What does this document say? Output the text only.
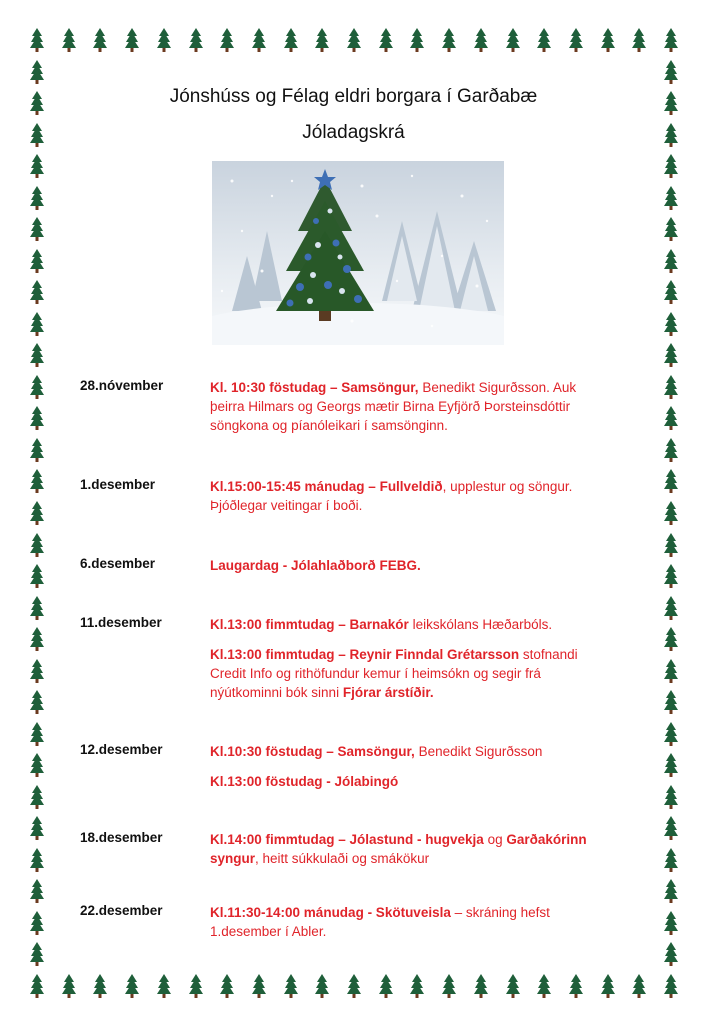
Jónshúss og Félag eldri borgara í Garðabæ
Jóladagskrá
28.nóvember	Kl. 10:30 föstudag – Samsöngur, Benedikt Sigurðsson. Auk
þeirra Hilmars og Georgs mætir Birna Eyfjörð Þorsteinsdóttir
söngkona og píanóleikari í samsönginn.
1.desember	Kl.15:00-15:45 mánudag – Fullveldið, upplestur og söngur.
Þjóðlegar veitingar í boði.
6.desember	Laugardag - Jólahlaðborð FEBG.
11.desember	Kl.13:00 fimmtudag – Barnakór leikskólans Hæðarbóls.
Kl.13:00 fimmtudag – Reynir Finndal Grétarsson stofnandi
Credit Info og rithöfundur kemur í heimsókn og segir frá
nýútkominni bók sinni Fjórar árstíðir.
12.desember	Kl.10:30 föstudag – Samsöngur, Benedikt Sigurðsson
Kl.13:00 föstudag - Jólabingó
18.desember	Kl.14:00 fimmtudag – Jólastund - hugvekja og Garðakórinn
syngur, heitt súkkulaði og smákökur
22.desember	Kl.11:30-14:00 mánudag - Skötuveisla – skráning hefst
1.desember í Abler.
